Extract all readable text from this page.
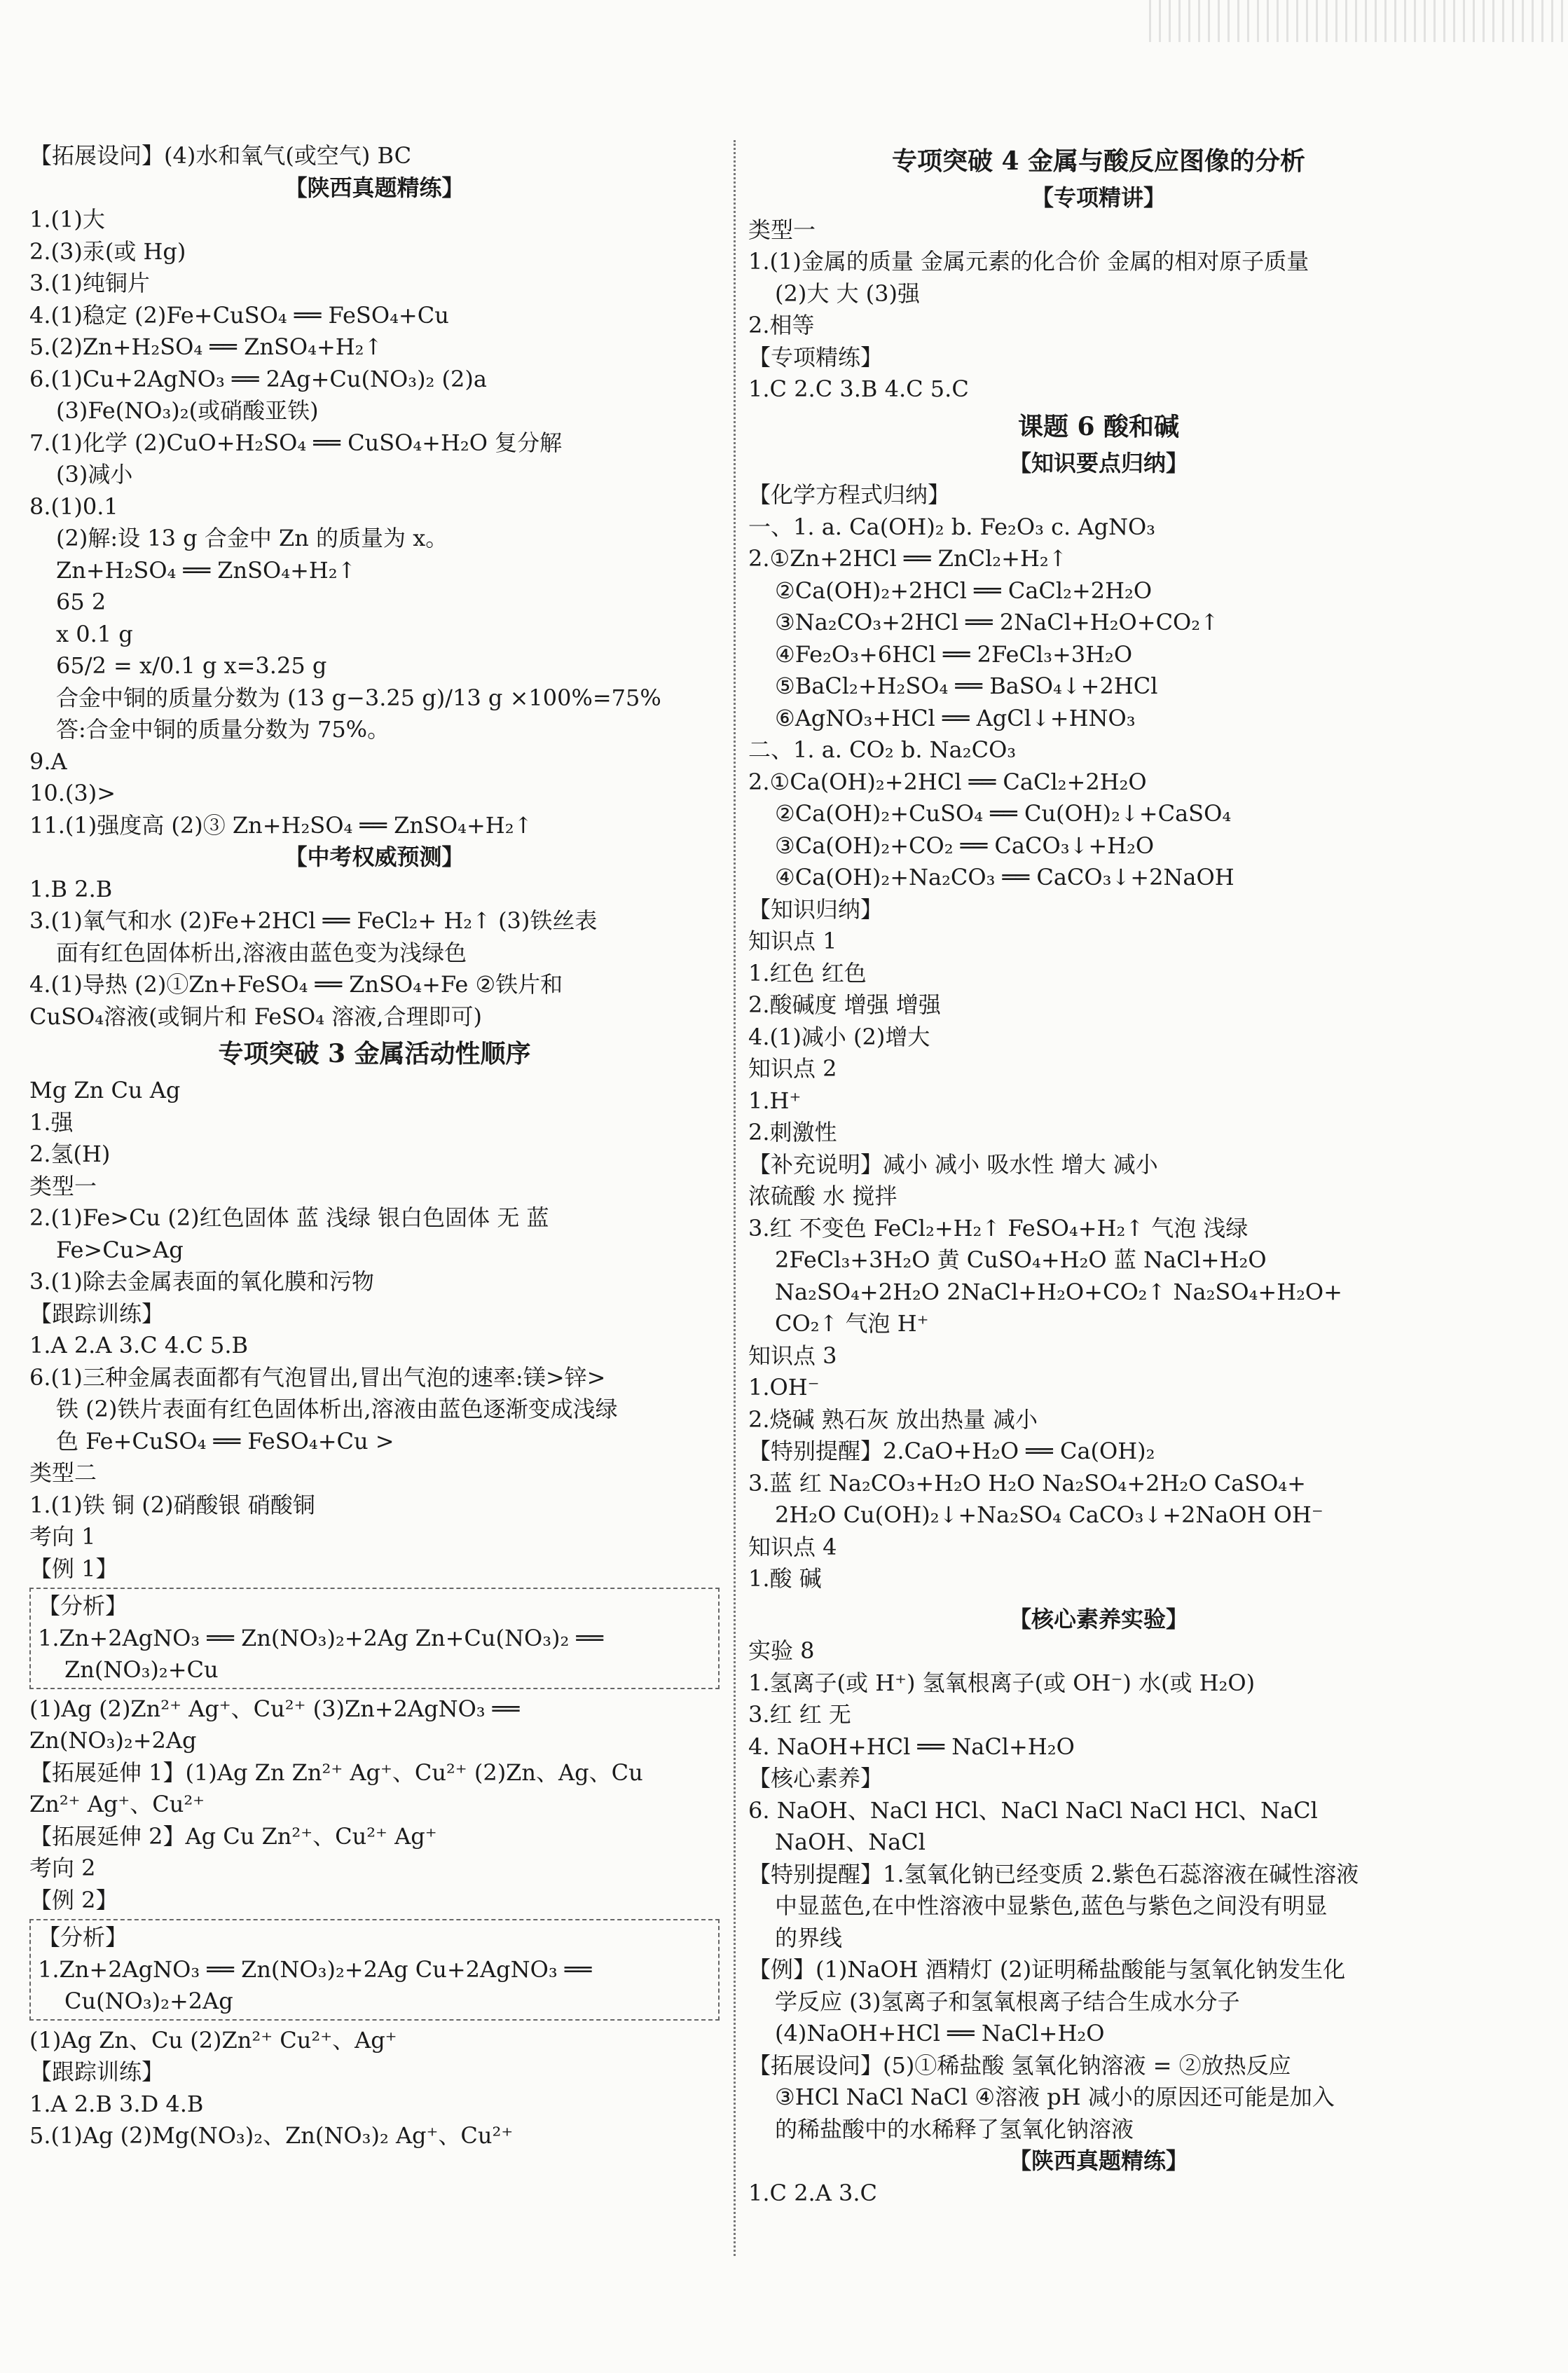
【拓展设问】(4)水和氧气(或空气) BC
【陕西真题精练】
1.(1)大
2.(3)汞(或 Hg)
3.(1)纯铜片
4.(1)稳定 (2)Fe+CuSO₄ ══ FeSO₄+Cu
5.(2)Zn+H₂SO₄ ══ ZnSO₄+H₂↑
6.(1)Cu+2AgNO₃ ══ 2Ag+Cu(NO₃)₂ (2)a
(3)Fe(NO₃)₂(或硝酸亚铁)
7.(1)化学 (2)CuO+H₂SO₄ ══ CuSO₄+H₂O 复分解
(3)减小
8.(1)0.1
(2)解:设 13 g 合金中 Zn 的质量为 x。
Zn+H₂SO₄ ══ ZnSO₄+H₂↑
65 2
x 0.1 g
65/2 = x/0.1 g x=3.25 g
合金中铜的质量分数为 (13 g−3.25 g)/13 g ×100%=75%
答:合金中铜的质量分数为 75%。
9.A
10.(3)>
11.(1)强度高 (2)③ Zn+H₂SO₄ ══ ZnSO₄+H₂↑
【中考权威预测】
1.B 2.B
3.(1)氧气和水 (2)Fe+2HCl ══ FeCl₂+ H₂↑ (3)铁丝表
面有红色固体析出,溶液由蓝色变为浅绿色
4.(1)导热 (2)①Zn+FeSO₄ ══ ZnSO₄+Fe ②铁片和
CuSO₄溶液(或铜片和 FeSO₄ 溶液,合理即可)
专项突破 3 金属活动性顺序
Mg Zn Cu Ag
1.强
2.氢(H)
类型一
2.(1)Fe>Cu (2)红色固体 蓝 浅绿 银白色固体 无 蓝
Fe>Cu>Ag
3.(1)除去金属表面的氧化膜和污物
【跟踪训练】
1.A 2.A 3.C 4.C 5.B
6.(1)三种金属表面都有气泡冒出,冒出气泡的速率:镁>锌>
铁 (2)铁片表面有红色固体析出,溶液由蓝色逐渐变成浅绿
色 Fe+CuSO₄ ══ FeSO₄+Cu >
类型二
1.(1)铁 铜 (2)硝酸银 硝酸铜
考向 1
【例 1】
【分析】
1.Zn+2AgNO₃ ══ Zn(NO₃)₂+2Ag Zn+Cu(NO₃)₂ ══
Zn(NO₃)₂+Cu
(1)Ag (2)Zn²⁺ Ag⁺、Cu²⁺ (3)Zn+2AgNO₃ ══
Zn(NO₃)₂+2Ag
【拓展延伸 1】(1)Ag Zn Zn²⁺ Ag⁺、Cu²⁺ (2)Zn、Ag、Cu
Zn²⁺ Ag⁺、Cu²⁺
【拓展延伸 2】Ag Cu Zn²⁺、Cu²⁺ Ag⁺
考向 2
【例 2】
【分析】
1.Zn+2AgNO₃ ══ Zn(NO₃)₂+2Ag Cu+2AgNO₃ ══
Cu(NO₃)₂+2Ag
(1)Ag Zn、Cu (2)Zn²⁺ Cu²⁺、Ag⁺
【跟踪训练】
1.A 2.B 3.D 4.B
5.(1)Ag (2)Mg(NO₃)₂、Zn(NO₃)₂ Ag⁺、Cu²⁺
专项突破 4 金属与酸反应图像的分析
【专项精讲】
类型一
1.(1)金属的质量 金属元素的化合价 金属的相对原子质量
(2)大 大 (3)强
2.相等
【专项精练】
1.C 2.C 3.B 4.C 5.C
课题 6 酸和碱
【知识要点归纳】
【化学方程式归纳】
一、1. a. Ca(OH)₂ b. Fe₂O₃ c. AgNO₃
2.①Zn+2HCl ══ ZnCl₂+H₂↑
②Ca(OH)₂+2HCl ══ CaCl₂+2H₂O
③Na₂CO₃+2HCl ══ 2NaCl+H₂O+CO₂↑
④Fe₂O₃+6HCl ══ 2FeCl₃+3H₂O
⑤BaCl₂+H₂SO₄ ══ BaSO₄↓+2HCl
⑥AgNO₃+HCl ══ AgCl↓+HNO₃
二、1. a. CO₂ b. Na₂CO₃
2.①Ca(OH)₂+2HCl ══ CaCl₂+2H₂O
②Ca(OH)₂+CuSO₄ ══ Cu(OH)₂↓+CaSO₄
③Ca(OH)₂+CO₂ ══ CaCO₃↓+H₂O
④Ca(OH)₂+Na₂CO₃ ══ CaCO₃↓+2NaOH
【知识归纳】
知识点 1
1.红色 红色
2.酸碱度 增强 增强
4.(1)减小 (2)增大
知识点 2
1.H⁺
2.刺激性
【补充说明】减小 减小 吸水性 增大 减小
浓硫酸 水 搅拌
3.红 不变色 FeCl₂+H₂↑ FeSO₄+H₂↑ 气泡 浅绿
2FeCl₃+3H₂O 黄 CuSO₄+H₂O 蓝 NaCl+H₂O
Na₂SO₄+2H₂O 2NaCl+H₂O+CO₂↑ Na₂SO₄+H₂O+
CO₂↑ 气泡 H⁺
知识点 3
1.OH⁻
2.烧碱 熟石灰 放出热量 减小
【特别提醒】2.CaO+H₂O ══ Ca(OH)₂
3.蓝 红 Na₂CO₃+H₂O H₂O Na₂SO₄+2H₂O CaSO₄+
2H₂O Cu(OH)₂↓+Na₂SO₄ CaCO₃↓+2NaOH OH⁻
知识点 4
1.酸 碱
【核心素养实验】
实验 8
1.氢离子(或 H⁺) 氢氧根离子(或 OH⁻) 水(或 H₂O)
3.红 红 无
4. NaOH+HCl ══ NaCl+H₂O
【核心素养】
6. NaOH、NaCl HCl、NaCl NaCl NaCl HCl、NaCl
NaOH、NaCl
【特别提醒】1.氢氧化钠已经变质 2.紫色石蕊溶液在碱性溶液
中显蓝色,在中性溶液中显紫色,蓝色与紫色之间没有明显
的界线
【例】(1)NaOH 酒精灯 (2)证明稀盐酸能与氢氧化钠发生化
学反应 (3)氢离子和氢氧根离子结合生成水分子
(4)NaOH+HCl ══ NaCl+H₂O
【拓展设问】(5)①稀盐酸 氢氧化钠溶液 = ②放热反应
③HCl NaCl NaCl ④溶液 pH 减小的原因还可能是加入
的稀盐酸中的水稀释了氢氧化钠溶液
【陕西真题精练】
1.C 2.A 3.C
